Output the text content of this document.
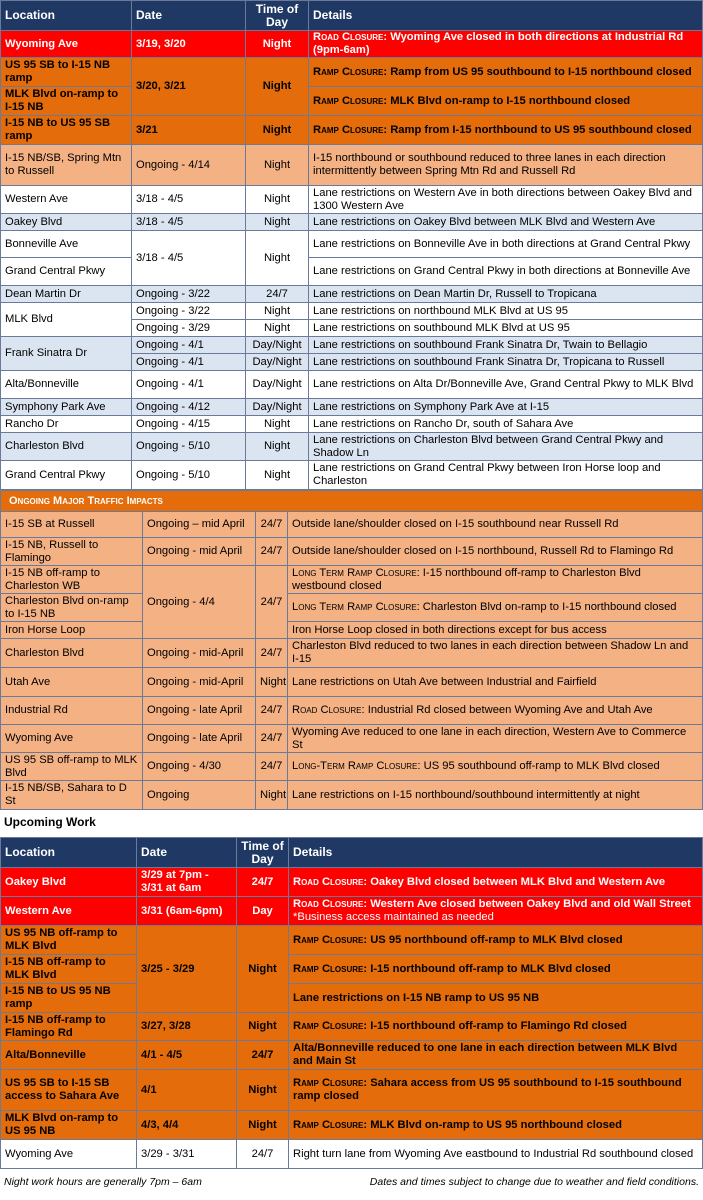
Location	Date	Time of Day	Details
Wyoming Ave	3/19, 3/20	Night	Road Closure: Wyoming Ave closed in both directions at Industrial Rd (9pm-6am)
US 95 SB to I-15 NB ramp	3/20, 3/21	Night	Ramp Closure: Ramp from US 95 southbound to I-15 northbound closed
MLK Blvd on-ramp to I-15 NB			Ramp Closure: MLK Blvd on-ramp to I-15 northbound closed
I-15 NB to US 95 SB ramp	3/21	Night	Ramp Closure: Ramp from I-15 northbound to US 95 southbound closed
I-15 NB/SB, Spring Mtn to Russell	Ongoing - 4/14	Night	I-15 northbound or southbound reduced to three lanes in each direction intermittently between Spring Mtn Rd and Russell Rd
Western Ave	3/18 - 4/5	Night	Lane restrictions on Western Ave in both directions between Oakey Blvd and 1300 Western Ave
Oakey Blvd	3/18 - 4/5	Night	Lane restrictions on Oakey Blvd between MLK Blvd and Western Ave
Bonneville Ave	3/18 - 4/5	Night	Lane restrictions on Bonneville Ave in both directions at Grand Central Pkwy
Grand Central Pkwy			Lane restrictions on Grand Central Pkwy in both directions at Bonneville Ave
Dean Martin Dr	Ongoing - 3/22	24/7	Lane restrictions on Dean Martin Dr, Russell to Tropicana
MLK Blvd	Ongoing - 3/22	Night	Lane restrictions on northbound MLK Blvd at US 95
	Ongoing - 3/29	Night	Lane restrictions on southbound MLK Blvd at US 95
Frank Sinatra Dr	Ongoing - 4/1	Day/Night	Lane restrictions on southbound Frank Sinatra Dr, Twain to Bellagio
	Ongoing - 4/1	Day/Night	Lane restrictions on southbound Frank Sinatra Dr, Tropicana to Russell
Alta/Bonneville	Ongoing - 4/1	Day/Night	Lane restrictions on Alta Dr/Bonneville Ave, Grand Central Pkwy to MLK Blvd
Symphony Park Ave	Ongoing - 4/12	Day/Night	Lane restrictions on Symphony Park Ave at I-15
Rancho Dr	Ongoing - 4/15	Night	Lane restrictions on Rancho Dr, south of Sahara Ave
Charleston Blvd	Ongoing - 5/10	Night	Lane restrictions on Charleston Blvd between Grand Central Pkwy and Shadow Ln
Grand Central Pkwy	Ongoing - 5/10	Night	Lane restrictions on Grand Central Pkwy between Iron Horse loop and Charleston
Ongoing Major Traffic Impacts			
I-15 SB at Russell	Ongoing – mid April	24/7	Outside lane/shoulder closed on I-15 southbound near Russell Rd
I-15 NB, Russell to Flamingo	Ongoing - mid April	24/7	Outside lane/shoulder closed on I-15 northbound, Russell Rd to Flamingo Rd
I-15 NB off-ramp to Charleston WB	Ongoing - 4/4	24/7	Long Term Ramp Closure: I-15 northbound off-ramp to Charleston Blvd westbound closed
Charleston Blvd on-ramp to I-15 NB			Long Term Ramp Closure: Charleston Blvd on-ramp to I-15 northbound closed
Iron Horse Loop			Iron Horse Loop closed in both directions except for bus access
Charleston Blvd	Ongoing - mid-April	24/7	Charleston Blvd reduced to two lanes in each direction between Shadow Ln and I-15
Utah Ave	Ongoing - mid-April	Night	Lane restrictions on Utah Ave between Industrial and Fairfield
Industrial Rd	Ongoing - late April	24/7	Road Closure: Industrial Rd closed between Wyoming Ave and Utah Ave
Wyoming Ave	Ongoing - late April	24/7	Wyoming Ave reduced to one lane in each direction, Western Ave to Commerce St
US 95 SB off-ramp to MLK Blvd	Ongoing - 4/30	24/7	Long-Term Ramp Closure: US 95 southbound off-ramp to MLK Blvd closed
I-15 NB/SB, Sahara to D St	Ongoing	Night	Lane restrictions on I-15 northbound/southbound intermittently at night
Upcoming Work
Location	Date	Time of Day	Details
Oakey Blvd	3/29 at 7pm - 3/31 at 6am	24/7	Road Closure: Oakey Blvd closed between MLK Blvd and Western Ave
Western Ave	3/31 (6am-6pm)	Day	Road Closure: Western Ave closed between Oakey Blvd and old Wall Street *Business access maintained as needed
US 95 NB off-ramp to MLK Blvd	3/25 - 3/29	Night	Ramp Closure: US 95 northbound off-ramp to MLK Blvd closed
I-15 NB off-ramp to MLK Blvd			Ramp Closure: I-15 northbound off-ramp to MLK Blvd closed
I-15 NB to US 95 NB ramp			Lane restrictions on I-15 NB ramp to US 95 NB
I-15 NB off-ramp to Flamingo Rd	3/27, 3/28	Night	Ramp Closure: I-15 northbound off-ramp to Flamingo Rd closed
Alta/Bonneville	4/1 - 4/5	24/7	Alta/Bonneville reduced to one lane in each direction between MLK Blvd and Main St
US 95 SB to I-15 SB access to Sahara Ave	4/1	Night	Ramp Closure: Sahara access from US 95 southbound to I-15 southbound ramp closed
MLK Blvd on-ramp to US 95 NB	4/3, 4/4	Night	Ramp Closure: MLK Blvd on-ramp to US 95 northbound closed
Wyoming Ave	3/29 - 3/31	24/7	Right turn lane from Wyoming Ave eastbound to Industrial Rd southbound closed
Night work hours are generally 7pm – 6am	Dates and times subject to change due to weather and field conditions.
